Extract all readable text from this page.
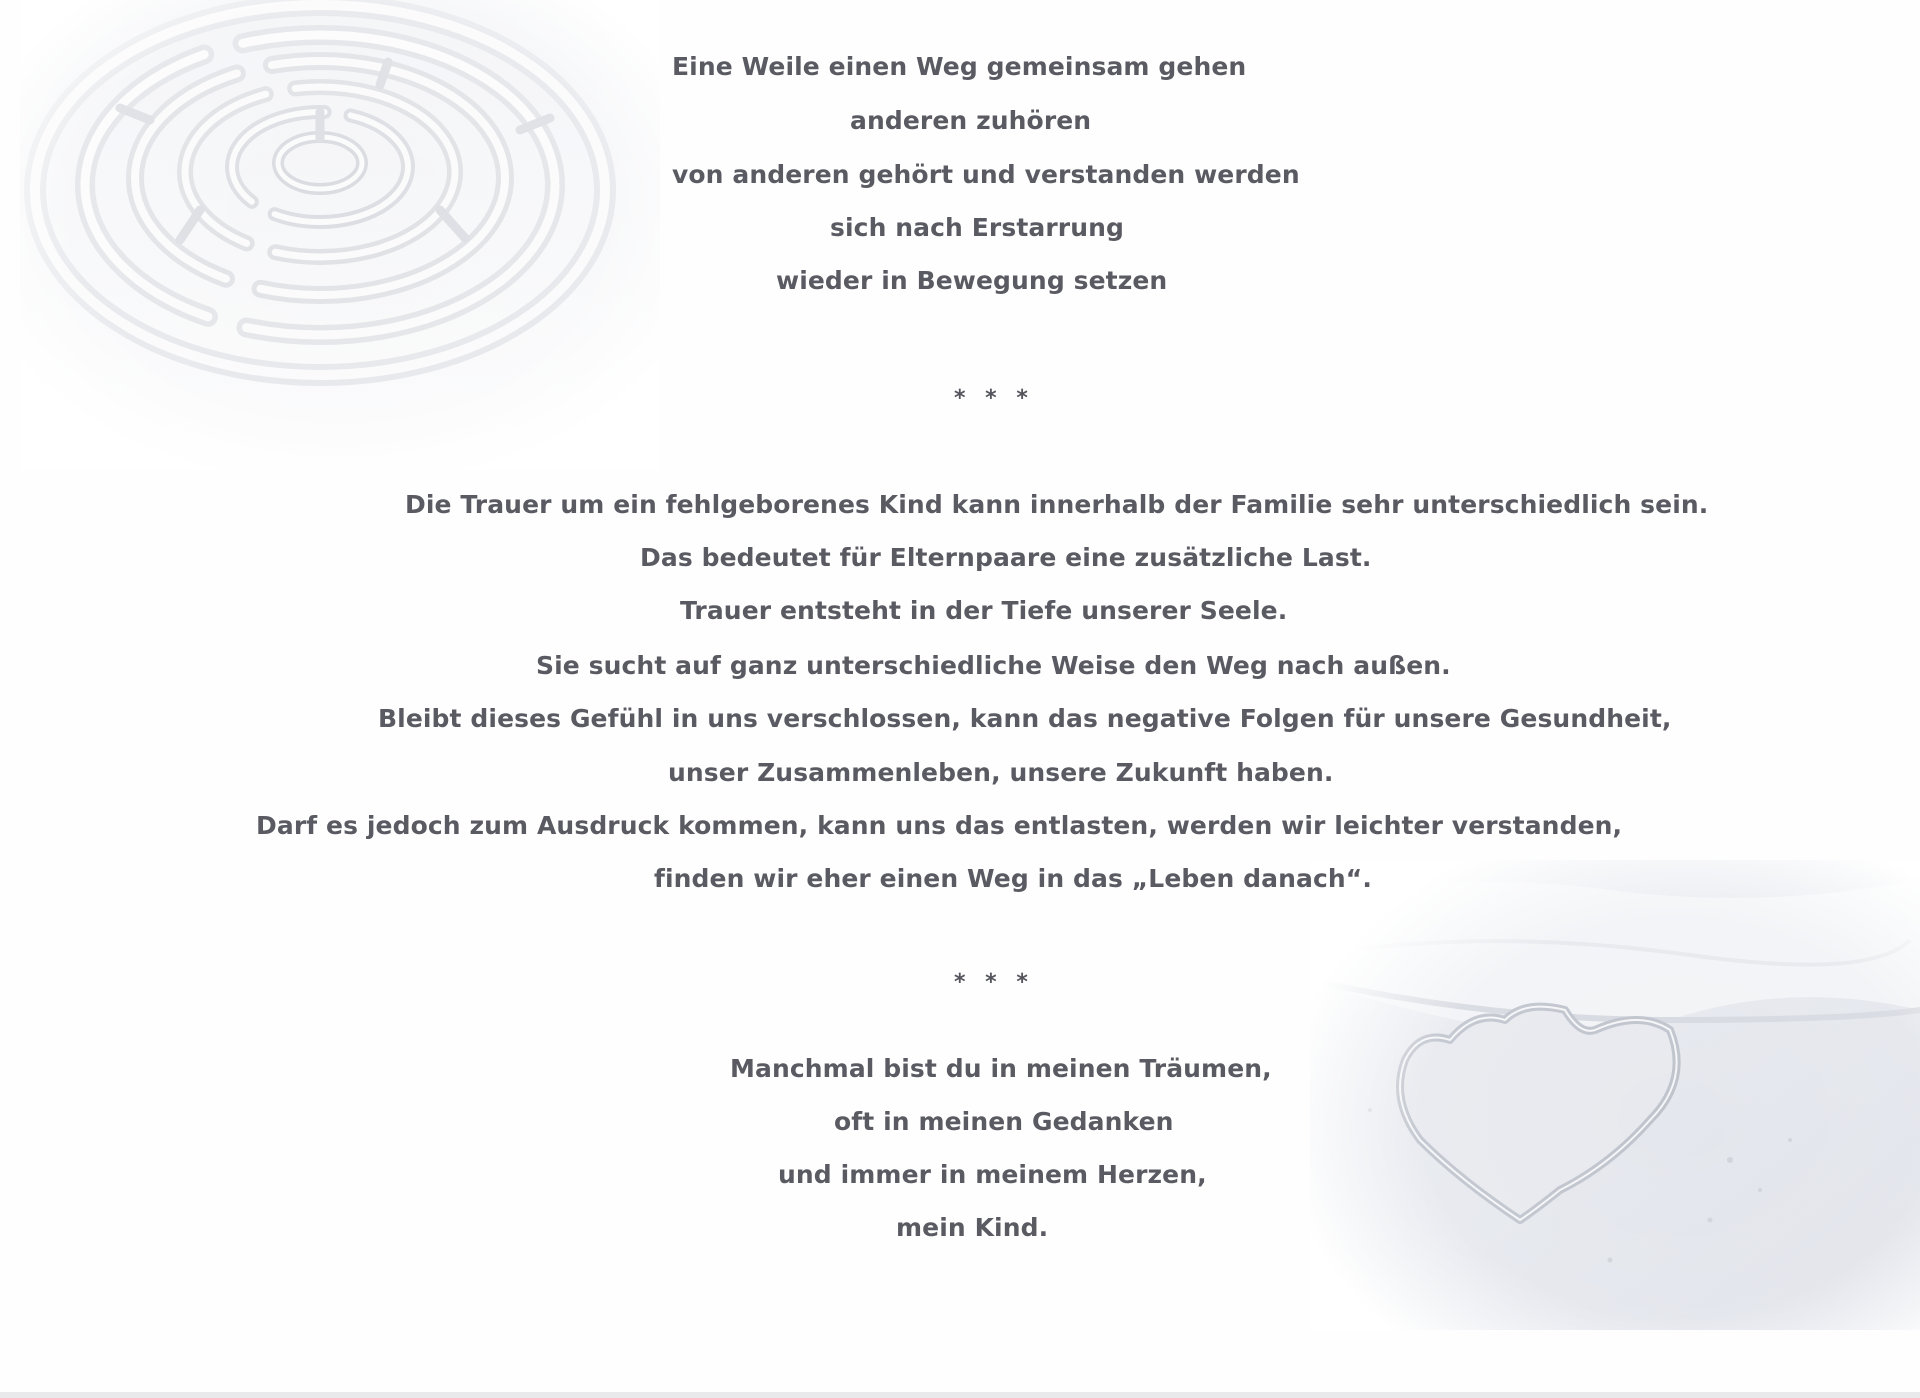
Eine Weile einen Weg gemeinsam gehen
anderen zuhören
von anderen gehört und verstanden werden
sich nach Erstarrung
wieder in Bewegung setzen
* * *
Die Trauer um ein fehlgeborenes Kind kann innerhalb der Familie sehr unterschiedlich sein.
Das bedeutet für Elternpaare eine zusätzliche Last.
Trauer entsteht in der Tiefe unserer Seele.
Sie sucht auf ganz unterschiedliche Weise den Weg nach außen.
Bleibt dieses Gefühl in uns verschlossen, kann das negative Folgen für unsere Gesundheit,
unser Zusammenleben, unsere Zukunft haben.
Darf es jedoch zum Ausdruck kommen, kann uns das entlasten, werden wir leichter verstanden,
finden wir eher einen Weg in das „Leben danach“.
* * *
Manchmal bist du in meinen Träumen,
oft in meinen Gedanken
und immer in meinem Herzen,
mein Kind.
